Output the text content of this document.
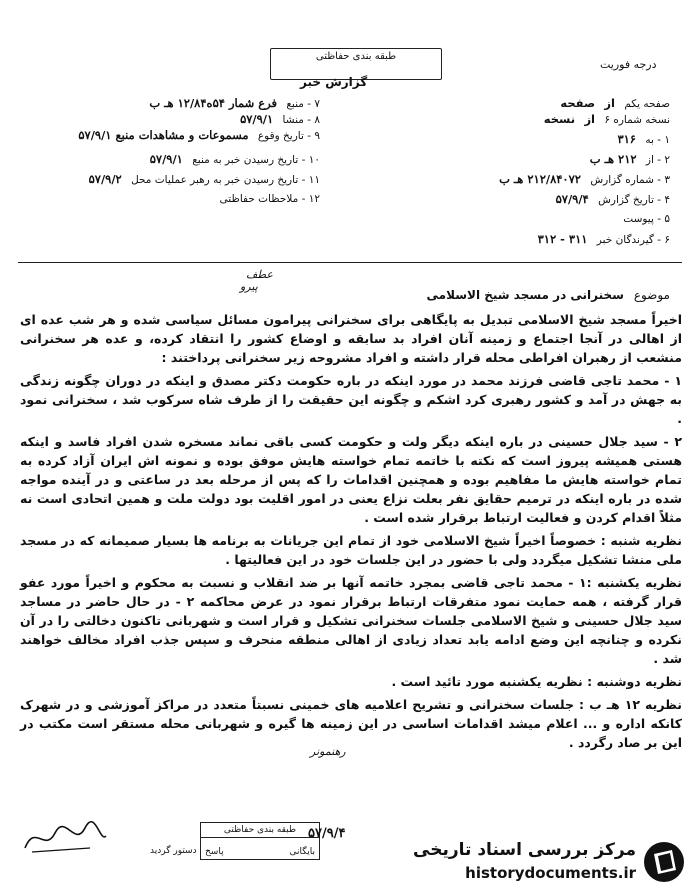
طبقه بندی حفاظتی
گزارش خبر
درجه فوریت
صفحه یکم از صفحه
نسخه شماره ۶ از نسخه
۱ - به ۳۱۶
۲ - از ۲۱۲ هـ ب
۳ - شماره گزارش ۲۱۲/۸۴۰۷۲ هـ ب
۴ - تاریخ گزارش ۵۷/۹/۴
۵ - پیوست
۶ - گیرندگان خبر ۳۱۱ - ۳۱۲
۷ - منبع فرع شمار ۵۴ه۱۲/۸۴ هـ ب
۸ - منشا ۵۷/۹/۱
۹ - تاریخ وقوع مسموعات و مشاهدات منبع ۵۷/۹/۱
۱۰ - تاریخ رسیدن خبر به منبع ۵۷/۹/۱
۱۱ - تاریخ رسیدن خبر به رهبر عملیات محل ۵۷/۹/۲
۱۲ - ملاحظات حفاظتی
عطف
پیرو
موضوع سخنرانی در مسجد شیخ الاسلامی

اخیراً مسجد شیخ الاسلامی تبدیل به پایگاهی برای سخنرانی پیرامون مسائل سیاسی شده و هر شب عده ای از اهالی در آنجا اجتماع و زمینه آنان افراد بد سابقه و اوضاع کشور را انتقاد کرده، و عده هر سخنرانی منشعب از رهبران افراطی محله قرار داشته و افراد مشروحه زیر سخنرانی پرداختند :

۱ - محمد تاجی قاضی فرزند محمد در مورد اینکه در باره حکومت دکتر مصدق و اینکه در دوران چگونه زندگی به جهش در آمد و کشور رهبری کرد اشکم و چگونه این حقیقت را از طرف شاه سرکوب شد ، سخنرانی نمود .

۲ - سید جلال حسینی در باره اینکه دیگر ولت و حکومت کسی باقی نماند مسخره شدن افراد فاسد و اینکه هستی همیشه پیروز است که نکته با خاتمه تمام خواسته هایش موفق بوده و نمونه اش ایران آزاد کرده به تمام خواسته هایش ما مفاهیم بوده و همچنین اقدامات را که پس از مرحله بعد در ساعتی و در آینده مواجه شده در باره اینکه در ترمیم حقایق نفر بعلت نزاع یعنی در امور اقلیت بود دولت ملت و همین اتحادی است نه مثلاً اقدام کردن و فعالیت ارتباط برقرار شده است .

نظریه شنبه : خصوصاً اخیراً شیخ الاسلامی خود از تمام این جریانات به برنامه ها بسیار صمیمانه که در مسجد ملی منشا تشکیل میگردد ولی با حضور در این جلسات خود در این فعالیتها .

نظریه یکشنبه :۱ - محمد تاجی قاضی بمجرد خاتمه آنها بر ضد انقلاب و نسبت به محکوم و اخیراً مورد عفو قرار گرفته ، همه حمایت نمود متفرقات ارتباط برقرار نمود در عرض محاکمه ۲ - در حال حاضر در مساجد سید جلال حسینی و شیخ الاسلامی جلسات سخنرانی تشکیل و قرار است و شهربانی تاکنون دخالتی را در آن نکرده و چنانچه این وضع ادامه یابد تعداد زیادی از اهالی منطقه منحرف و سپس جذب افراد مخالف خواهند شد .

نظریه دوشنبه : نظریه یکشنبه مورد تائید است .

نظریه ۱۲ هـ ب : جلسات سخنرانی و تشریح اعلامیه های خمینی نسبتاً متعدد در مراکز آموزشی و در شهرک کانکه اداره و ... اعلام میشد اقدامات اساسی در این زمینه ها گیره و شهربانی محله مستقر است مکتب در این بر صاد رگردد .

رهنمونر
دستور گردید
طبقه بندی حفاظتی
پاسخ	بایگانی
۵۷/۹/۴
مرکز بررسی اسناد تاریخی
historydocuments.ir
